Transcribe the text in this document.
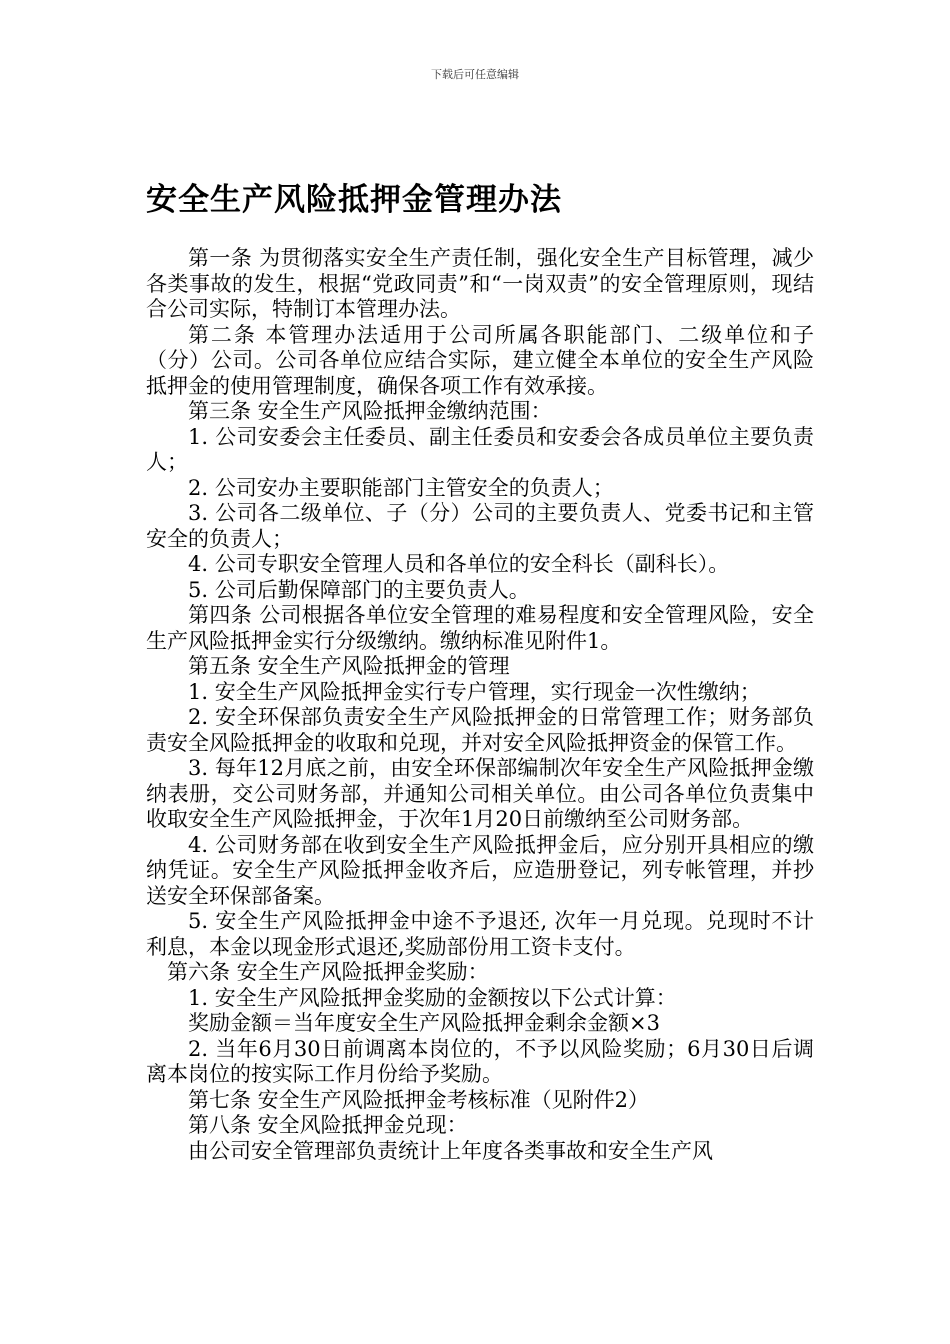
下载后可任意编辑
安全生产风险抵押金管理办法

第一条 为贯彻落实安全生产责任制，强化安全生产目标管理，减少各类事故的发生，根据“党政同责”和“一岗双责”的安全管理原则，现结合公司实际，特制订本管理办法。

第二条 本管理办法适用于公司所属各职能部门、二级单位和子（分）公司。公司各单位应结合实际，建立健全本单位的安全生产风险抵押金的使用管理制度，确保各项工作有效承接。

第三条 安全生产风险抵押金缴纳范围：

1. 公司安委会主任委员、副主任委员和安委会各成员单位主要负责人；

2. 公司安办主要职能部门主管安全的负责人；

3. 公司各二级单位、子（分）公司的主要负责人、党委书记和主管安全的负责人；

4. 公司专职安全管理人员和各单位的安全科长（副科长）。

5. 公司后勤保障部门的主要负责人。

第四条 公司根据各单位安全管理的难易程度和安全管理风险，安全生产风险抵押金实行分级缴纳。缴纳标准见附件1。

第五条 安全生产风险抵押金的管理

1. 安全生产风险抵押金实行专户管理，实行现金一次性缴纳；

2. 安全环保部负责安全生产风险抵押金的日常管理工作；财务部负责安全风险抵押金的收取和兑现，并对安全风险抵押资金的保管工作。

3. 每年12月底之前，由安全环保部编制次年安全生产风险抵押金缴纳表册，交公司财务部，并通知公司相关单位。由公司各单位负责集中收取安全生产风险抵押金，于次年1月20日前缴纳至公司财务部。

4. 公司财务部在收到安全生产风险抵押金后，应分别开具相应的缴纳凭证。安全生产风险抵押金收齐后，应造册登记，列专帐管理，并抄送安全环保部备案。

5. 安全生产风险抵押金中途不予退还, 次年一月兑现。兑现时不计利息，本金以现金形式退还,奖励部份用工资卡支付。

第六条 安全生产风险抵押金奖励：

1. 安全生产风险抵押金奖励的金额按以下公式计算：

奖励金额＝当年度安全生产风险抵押金剩余金额×3

2. 当年6月30日前调离本岗位的，不予以风险奖励；6月30日后调离本岗位的按实际工作月份给予奖励。

第七条 安全生产风险抵押金考核标准（见附件2）

第八条 安全风险抵押金兑现：

由公司安全管理部负责统计上年度各类事故和安全生产风
